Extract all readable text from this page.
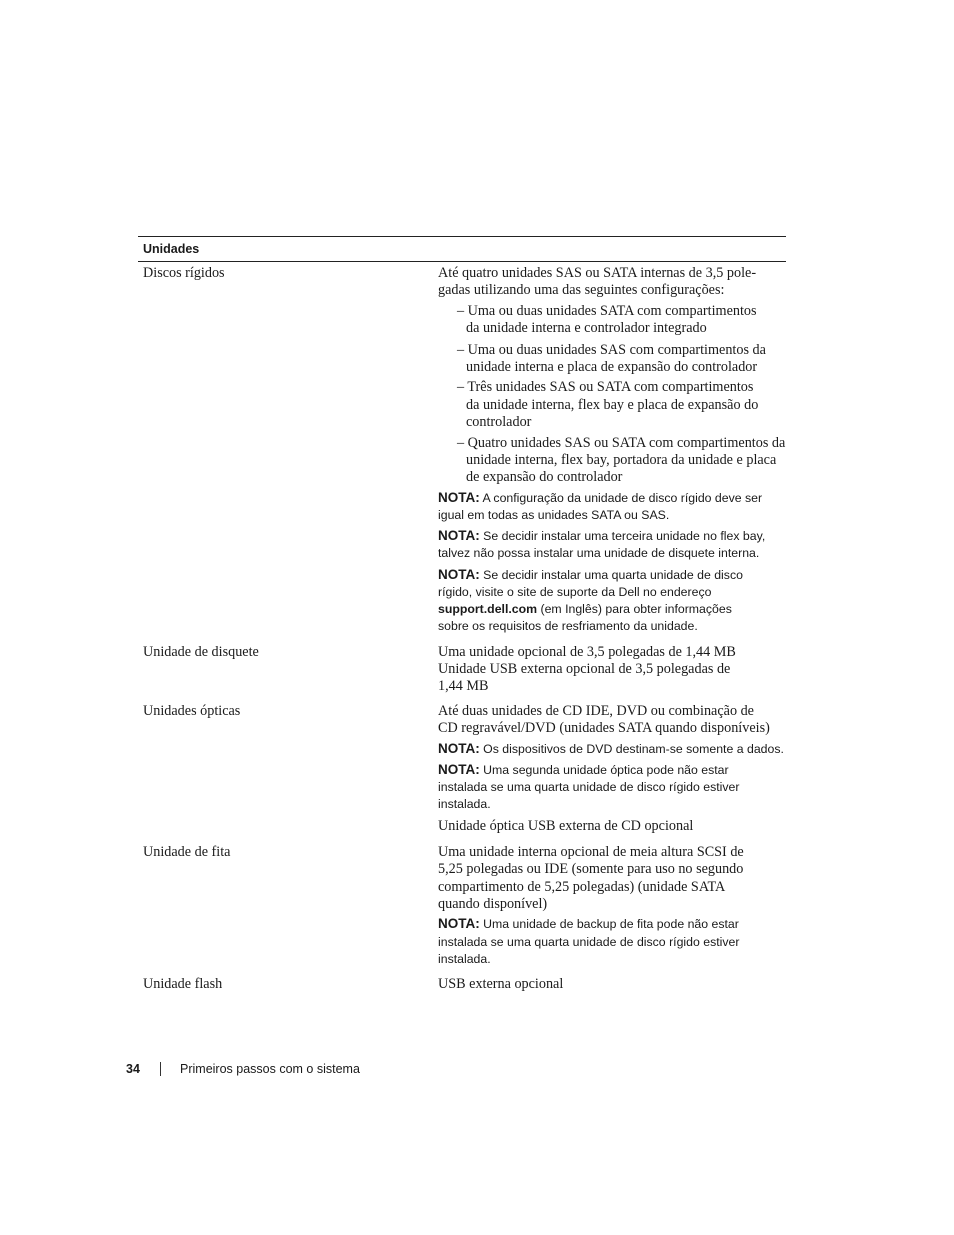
Unidades
Discos rígidos	Até quatro unidades SAS ou SATA internas de 3,5 pole-
gadas utilizando uma das seguintes configurações:
– Uma ou duas unidades SATA com compartimentos
da unidade interna e controlador integrado
– Uma ou duas unidades SAS com compartimentos da
unidade interna e placa de expansão do controlador
– Três unidades SAS ou SATA com compartimentos
da unidade interna, flex bay e placa de expansão do
controlador
– Quatro unidades SAS ou SATA com compartimentos da
unidade interna, flex bay, portadora da unidade e placa
de expansão do controlador
NOTA: A configuração da unidade de disco rígido deve ser
igual em todas as unidades SATA ou SAS.
NOTA: Se decidir instalar uma terceira unidade no flex bay,
talvez não possa instalar uma unidade de disquete interna.
NOTA: Se decidir instalar uma quarta unidade de disco
rígido, visite o site de suporte da Dell no endereço
support.dell.com (em Inglês) para obter informações
sobre os requisitos de resfriamento da unidade.
Unidade de disquete	Uma unidade opcional de 3,5 polegadas de 1,44 MB
Unidade USB externa opcional de 3,5 polegadas de
1,44 MB
Unidades ópticas	Até duas unidades de CD IDE, DVD ou combinação de
CD regravável/DVD (unidades SATA quando disponíveis)
NOTA: Os dispositivos de DVD destinam-se somente a dados.
NOTA: Uma segunda unidade óptica pode não estar
instalada se uma quarta unidade de disco rígido estiver
instalada.
Unidade óptica USB externa de CD opcional
Unidade de fita	Uma unidade interna opcional de meia altura SCSI de
5,25 polegadas ou IDE (somente para uso no segundo
compartimento de 5,25 polegadas) (unidade SATA
quando disponível)
NOTA: Uma unidade de backup de fita pode não estar
instalada se uma quarta unidade de disco rígido estiver
instalada.
Unidade flash	USB externa opcional
34	Primeiros passos com o sistema
